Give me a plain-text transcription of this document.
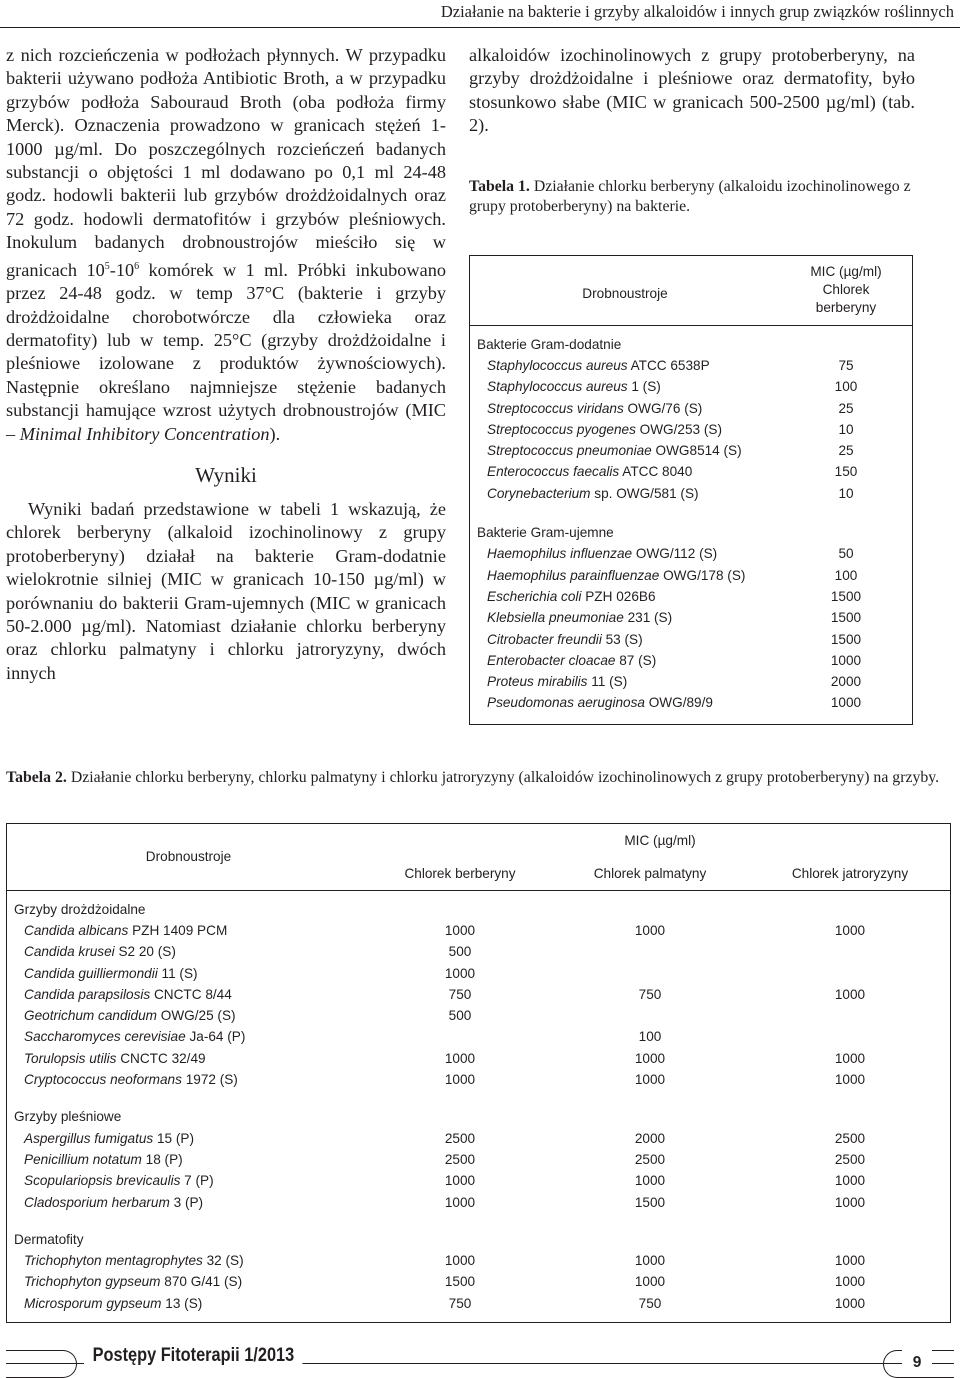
Działanie na bakterie i grzyby alkaloidów i innych grup związków roślinnych

z nich rozcieńczenia w podłożach płynnych. W przypadku bakterii używano podłoża Antibiotic Broth, a w przypadku grzybów podłoża Sabouraud Broth (oba podłoża firmy Merck). Oznaczenia prowadzono w granicach stężeń 1-1000 µg/ml. Do poszczególnych rozcieńczeń badanych substancji o objętości 1 ml dodawano po 0,1 ml 24-48 godz. hodowli bakterii lub grzybów drożdżoidalnych oraz 72 godz. hodowli dermatofitów i grzybów pleśniowych. Inokulum badanych drobnoustrojów mieściło się w granicach $10^5-10^6$ komórek w 1 ml. Próbki inkubowano przez 24-48 godz. w temp 37°C (bakterie i grzyby drożdżoidalne chorobotwórcze dla człowieka oraz dermatofity) lub w temp. 25°C (grzyby drożdżoidalne i pleśniowe izolowane z produktów żywnościowych). Następnie określano najmniejsze stężenie badanych substancji hamujące wzrost użytych drobnoustrojów (MIC – Minimal Inhibitory Concentration).

Wyniki

Wyniki badań przedstawione w tabeli 1 wskazują, że chlorek berberyny (alkaloid izochinolinowy z grupy protoberberyny) działał na bakterie Gram-dodatnie wielokrotnie silniej (MIC w granicach 10-150 µg/ml) w porównaniu do bakterii Gram-ujemnych (MIC w granicach 50-2.000 µg/ml). Natomiast działanie chlorku berberyny oraz chlorku palmatyny i chlorku jatroryzyny, dwóch innych

alkaloidów izochinolinowych z grupy protoberberyny, na grzyby drożdżoidalne i pleśniowe oraz dermatofity, było stosunkowo słabe (MIC w granicach 500-2500 µg/ml) (tab. 2).

Tabela 1. Działanie chlorku berberyny (alkaloidu izochinolinowego z grupy protoberberyny) na bakterie.

Drobnoustroje	MIC (µg/ml)
Chlorek
berberyny
Bakterie Gram-dodatnie	
Staphylococcus aureus ATCC 6538P	75
Staphylococcus aureus 1 (S)	100
Streptococcus viridans OWG/76 (S)	25
Streptococcus pyogenes OWG/253 (S)	10
Streptococcus pneumoniae OWG8514 (S)	25
Enterococcus faecalis ATCC 8040	150
Corynebacterium sp. OWG/581 (S)	10

Bakterie Gram-ujemne	
Haemophilus influenzae OWG/112 (S)	50
Haemophilus parainfluenzae OWG/178 (S)	100
Escherichia coli PZH 026B6	1500
Klebsiella pneumoniae 231 (S)	1500
Citrobacter freundii 53 (S)	1500
Enterobacter cloacae 87 (S)	1000
Proteus mirabilis 11 (S)	2000
Pseudomonas aeruginosa OWG/89/9	1000

Tabela 2. Działanie chlorku berberyny, chlorku palmatyny i chlorku jatroryzyny (alkaloidów izochinolinowych z grupy protoberberyny) na grzyby.
Drobnoustroje	MIC (µg/ml)		
	Chlorek berberyny	Chlorek palmatyny	Chlorek jatroryzyny
Grzyby drożdżoidalne			
Candida albicans PZH 1409 PCM	1000	1000	1000
Candida krusei S2 20 (S)	500		
Candida guilliermondii 11 (S)	1000		
Candida parapsilosis CNCTC 8/44	750	750	1000
Geotrichum candidum OWG/25 (S)	500		
Saccharomyces cerevisiae Ja-64 (P)		100	
Torulopsis utilis CNCTC 32/49	1000	1000	1000
Cryptococcus neoformans 1972 (S)	1000	1000	1000

Grzyby pleśniowe			
Aspergillus fumigatus 15 (P)	2500	2000	2500
Penicillium notatum 18 (P)	2500	2500	2500
Scopulariopsis brevicaulis 7 (P)	1000	1000	1000
Cladosporium herbarum 3 (P)	1000	1500	1000

Dermatofity			
Trichophyton mentagrophytes 32 (S)	1000	1000	1000
Trichophyton gypseum 870 G/41 (S)	1500	1000	1000
Microsporum gypseum 13 (S)	750	750	1000

Postępy Fitoterapii 1/2013	9
